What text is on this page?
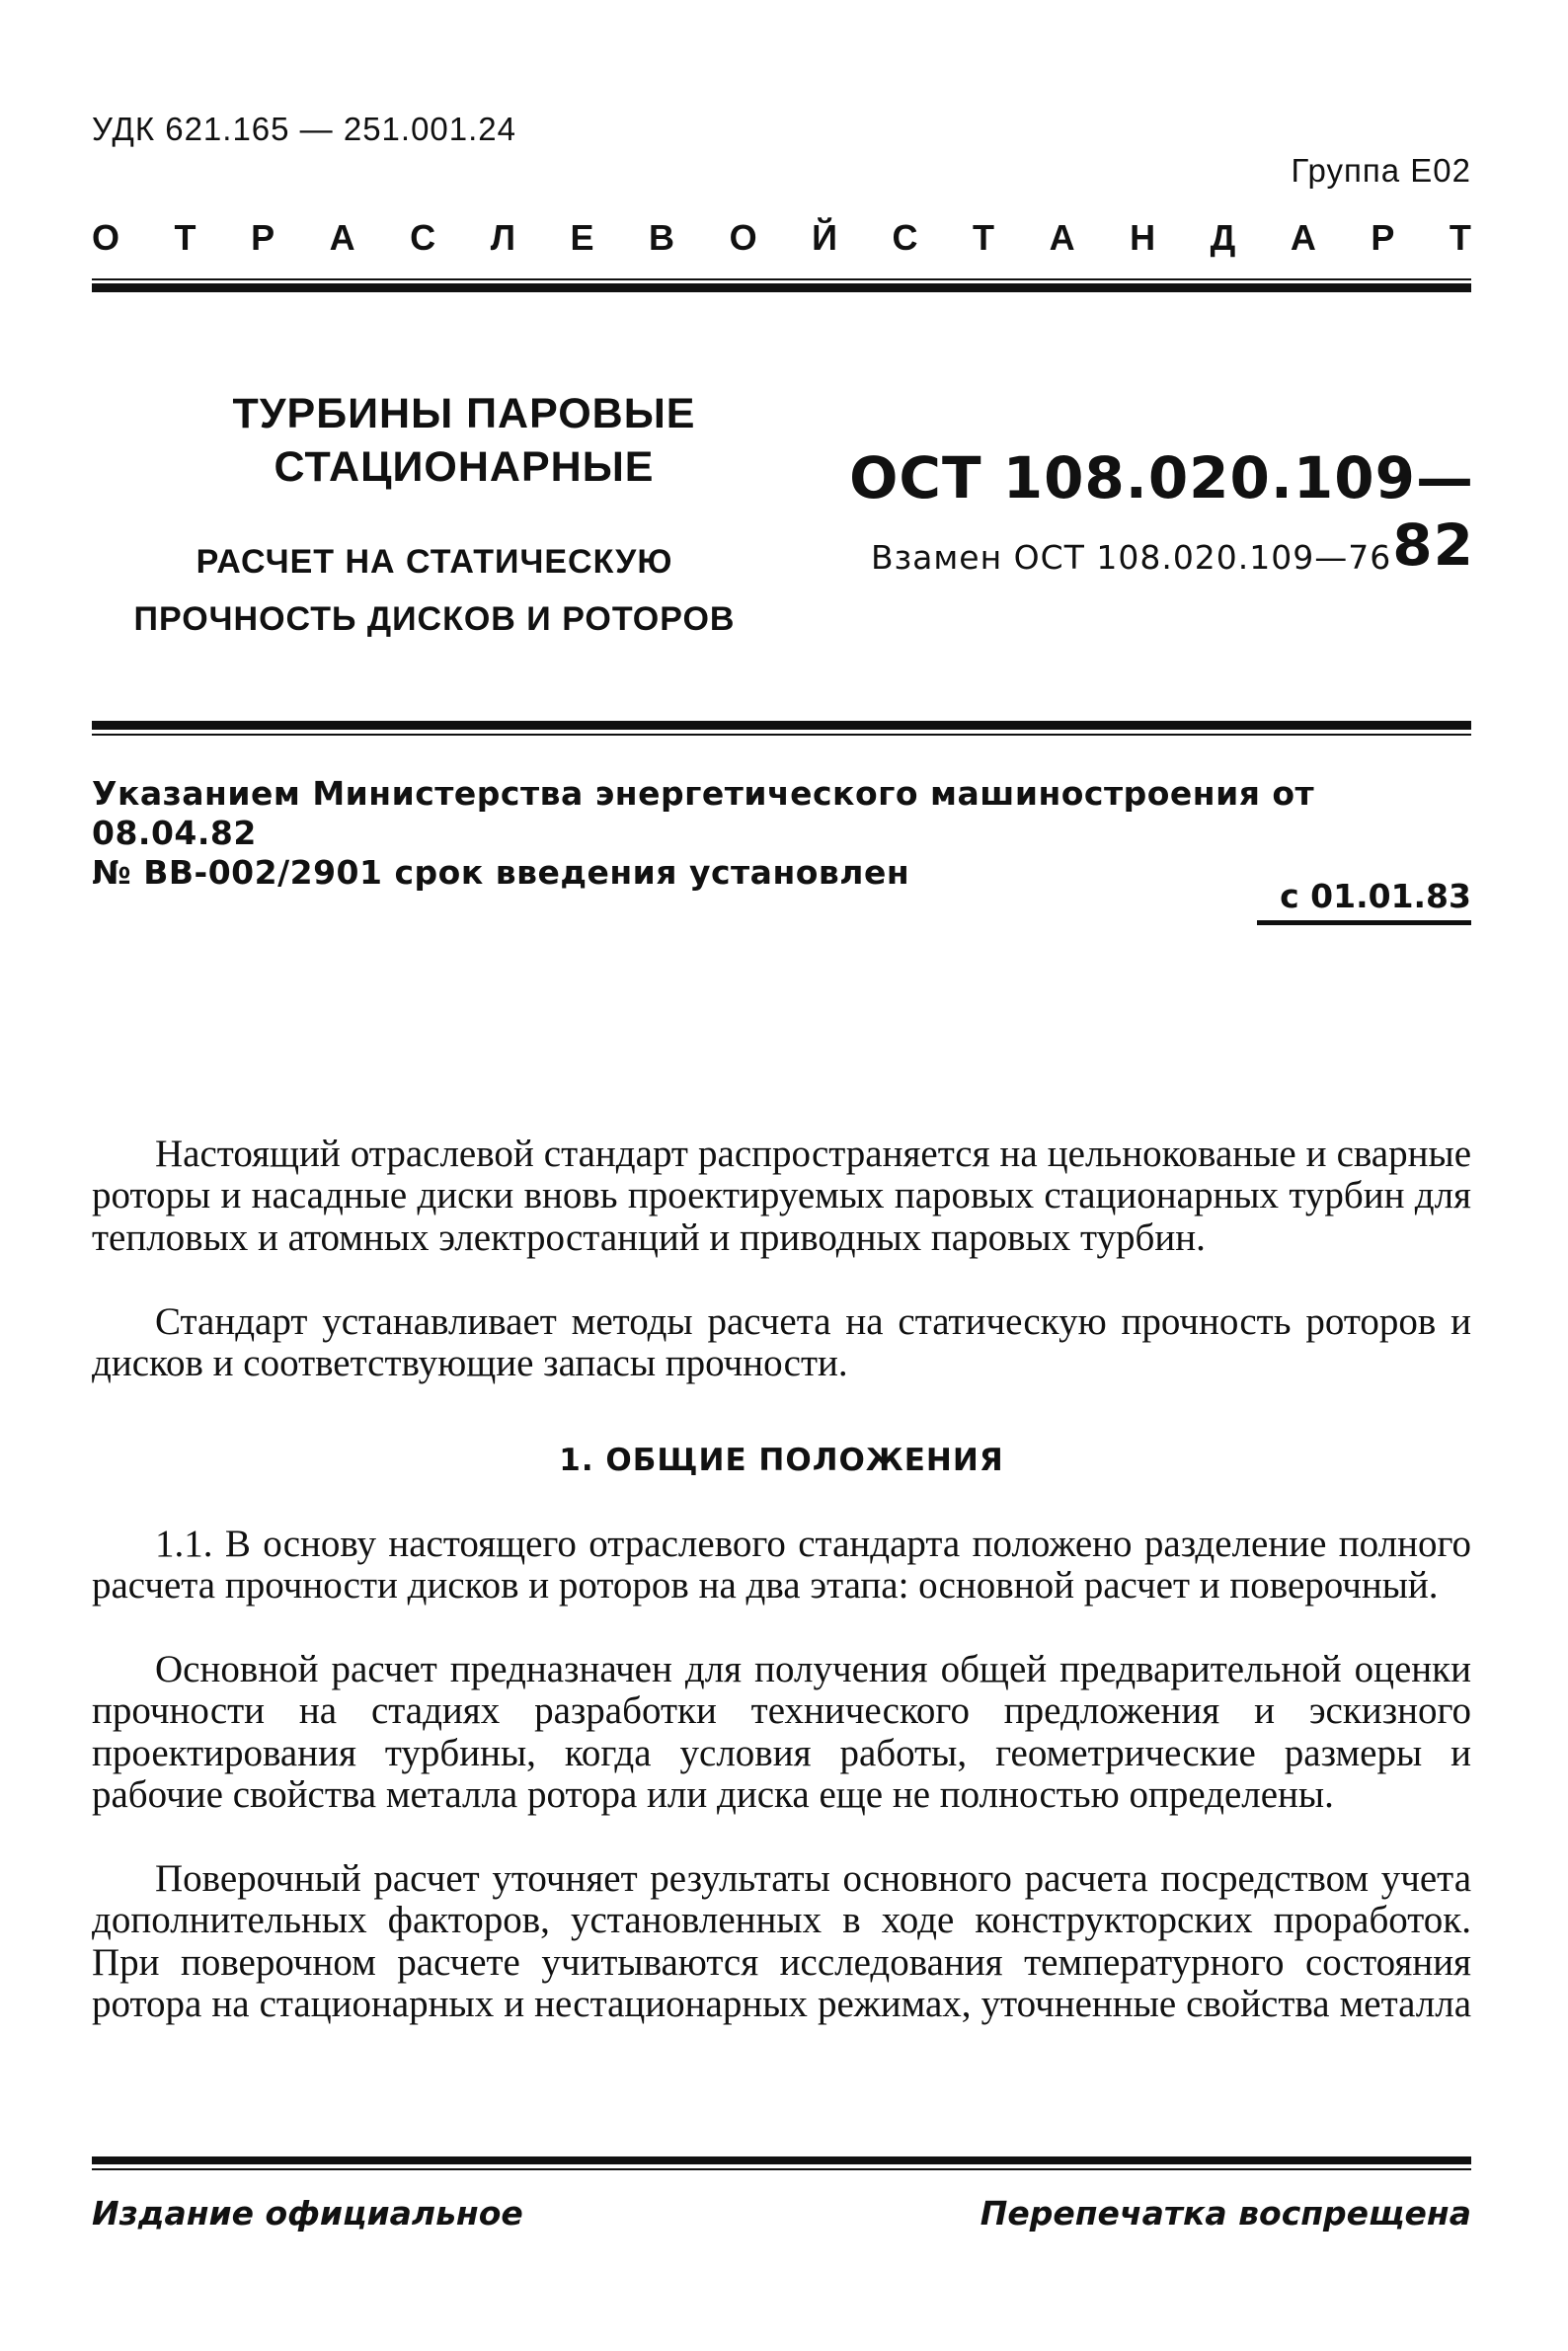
УДК 621.165 — 251.001.24
Группа Е02
О Т Р А С Л Е В О Й С Т А Н Д А Р Т
ТУРБИНЫ ПАРОВЫЕ
СТАЦИОНАРНЫЕ
РАСЧЕТ НА СТАТИЧЕСКУЮ
ПРОЧНОСТЬ ДИСКОВ И РОТОРОВ
ОСТ 108.020.109—82
Взамен ОСТ 108.020.109—76
Указанием Министерства энергетического машиностроения от 08.04.82
№ ВВ-002/2901 срок введения установлен
с 01.01.83
Настоящий отраслевой стандарт распространяется на цельнокованые и сварные роторы и насадные диски вновь проектируемых паровых стационарных турбин для тепловых и атомных электростанций и приводных паровых турбин.
Стандарт устанавливает методы расчета на статическую прочность роторов и дисков и соответствующие запасы прочности.
1. ОБЩИЕ ПОЛОЖЕНИЯ
1.1. В основу настоящего отраслевого стандарта положено разделение полного расчета прочности дисков и роторов на два этапа: основной расчет и поверочный.
Основной расчет предназначен для получения общей предварительной оценки прочности на стадиях разработки технического предложения и эскизного проектирования турбины, когда условия работы, геометрические размеры и рабочие свойства металла ротора или диска еще не полностью определены.
Поверочный расчет уточняет результаты основного расчета посредством учета дополнительных факторов, установленных в ходе конструкторских проработок. При поверочном расчете учитываются исследования температурного состояния ротора на стационарных и нестационарных режимах, уточненные свойства металла
Издание официальное	Перепечатка воспрещена
